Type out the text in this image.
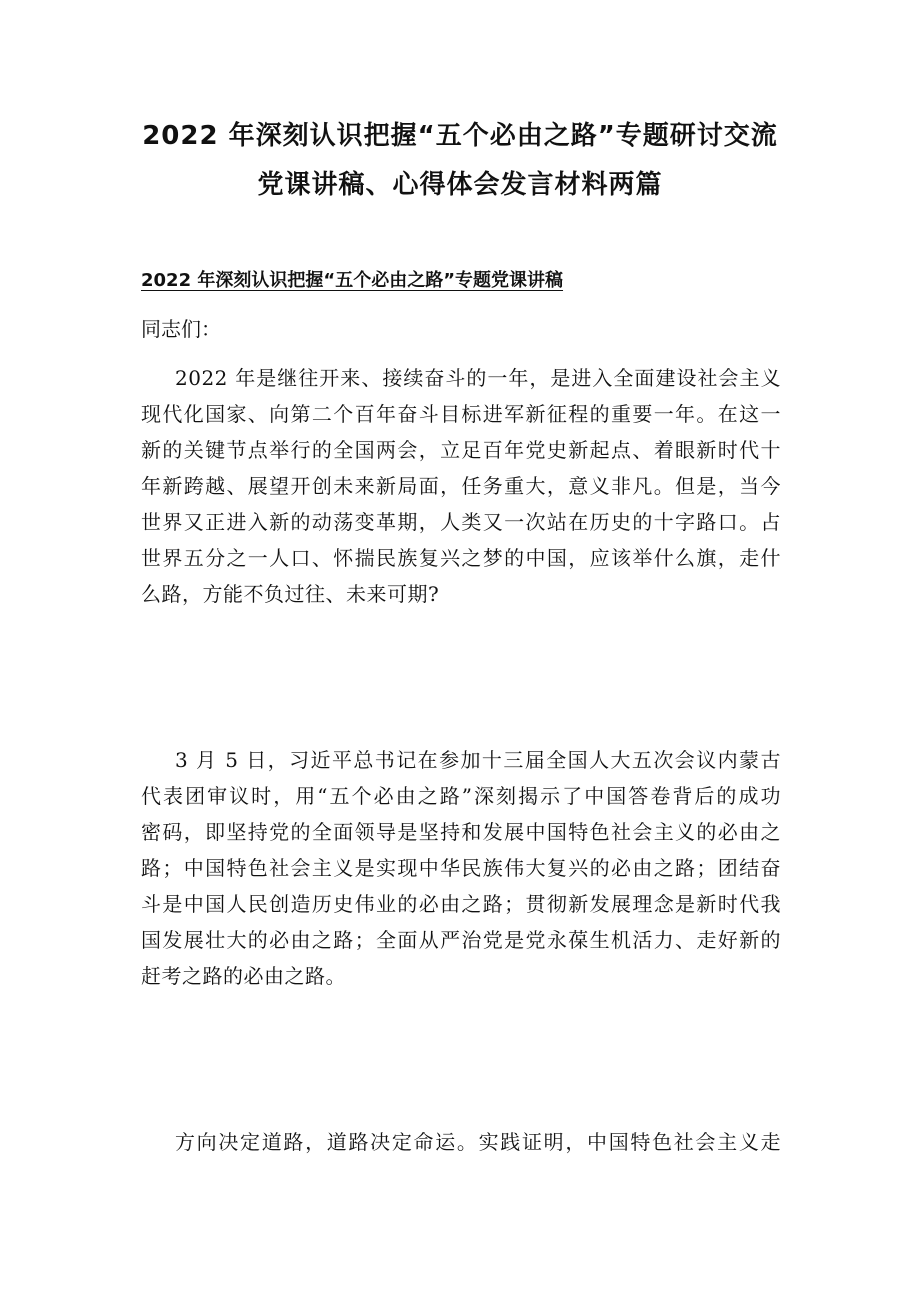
2022 年深刻认识把握“五个必由之路”专题研讨交流
党课讲稿、心得体会发言材料两篇
2022 年深刻认识把握“五个必由之路”专题党课讲稿

同志们：

2022 年是继往开来、接续奋斗的一年，是进入全面建设社会主义
现代化国家、向第二个百年奋斗目标进军新征程的重要一年。在这一
新的关键节点举行的全国两会，立足百年党史新起点、着眼新时代十
年新跨越、展望开创未来新局面，任务重大，意义非凡。但是，当今
世界又正进入新的动荡变革期，人类又一次站在历史的十字路口。占
世界五分之一人口、怀揣民族复兴之梦的中国，应该举什么旗，走什
么路，方能不负过往、未来可期?
3 月 5 日，习近平总书记在参加十三届全国人大五次会议内蒙古
代表团审议时，用“五个必由之路”深刻揭示了中国答卷背后的成功
密码，即坚持党的全面领导是坚持和发展中国特色社会主义的必由之
路；中国特色社会主义是实现中华民族伟大复兴的必由之路；团结奋
斗是中国人民创造历史伟业的必由之路；贯彻新发展理念是新时代我
国发展壮大的必由之路；全面从严治党是党永葆生机活力、走好新的
赶考之路的必由之路。
方向决定道路，道路决定命运。实践证明，中国特色社会主义走
